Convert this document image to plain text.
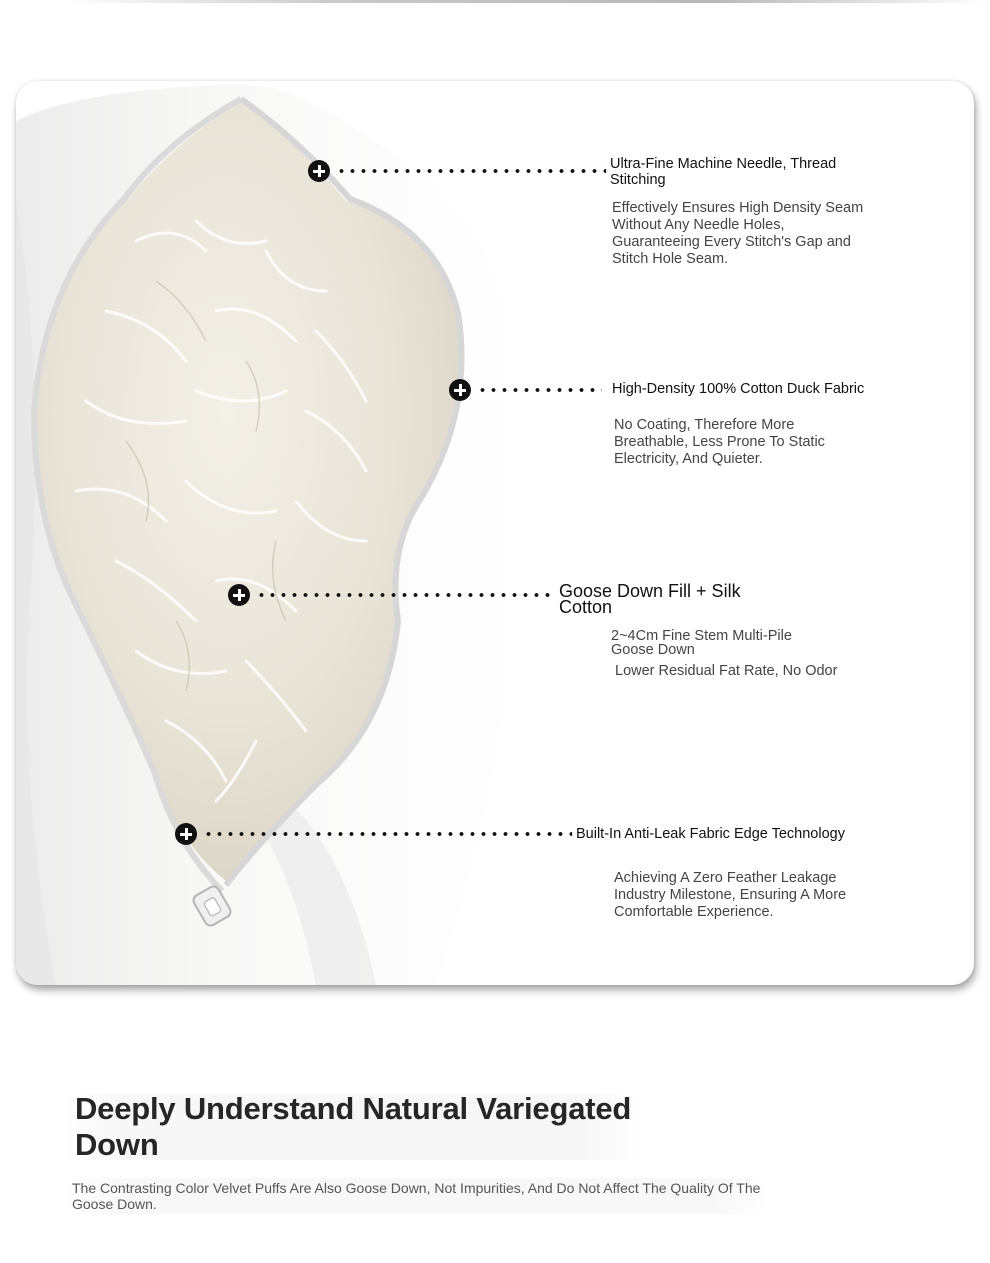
Ultra-Fine Machine Needle, Thread Stitching

Effectively Ensures High Density Seam Without Any Needle Holes, Guaranteeing Every Stitch's Gap and Stitch Hole Seam.

High-Density 100% Cotton Duck Fabric

No Coating, Therefore More Breathable, Less Prone To Static Electricity, And Quieter.

Goose Down Fill + Silk Cotton

2~4Cm Fine Stem Multi-Pile Goose Down

Lower Residual Fat Rate, No Odor

Built-In Anti-Leak Fabric Edge Technology

Achieving A Zero Feather Leakage Industry Milestone, Ensuring A More Comfortable Experience.

Deeply Understand Natural Variegated Down

The Contrasting Color Velvet Puffs Are Also Goose Down, Not Impurities, And Do Not Affect The Quality Of The Goose Down.
